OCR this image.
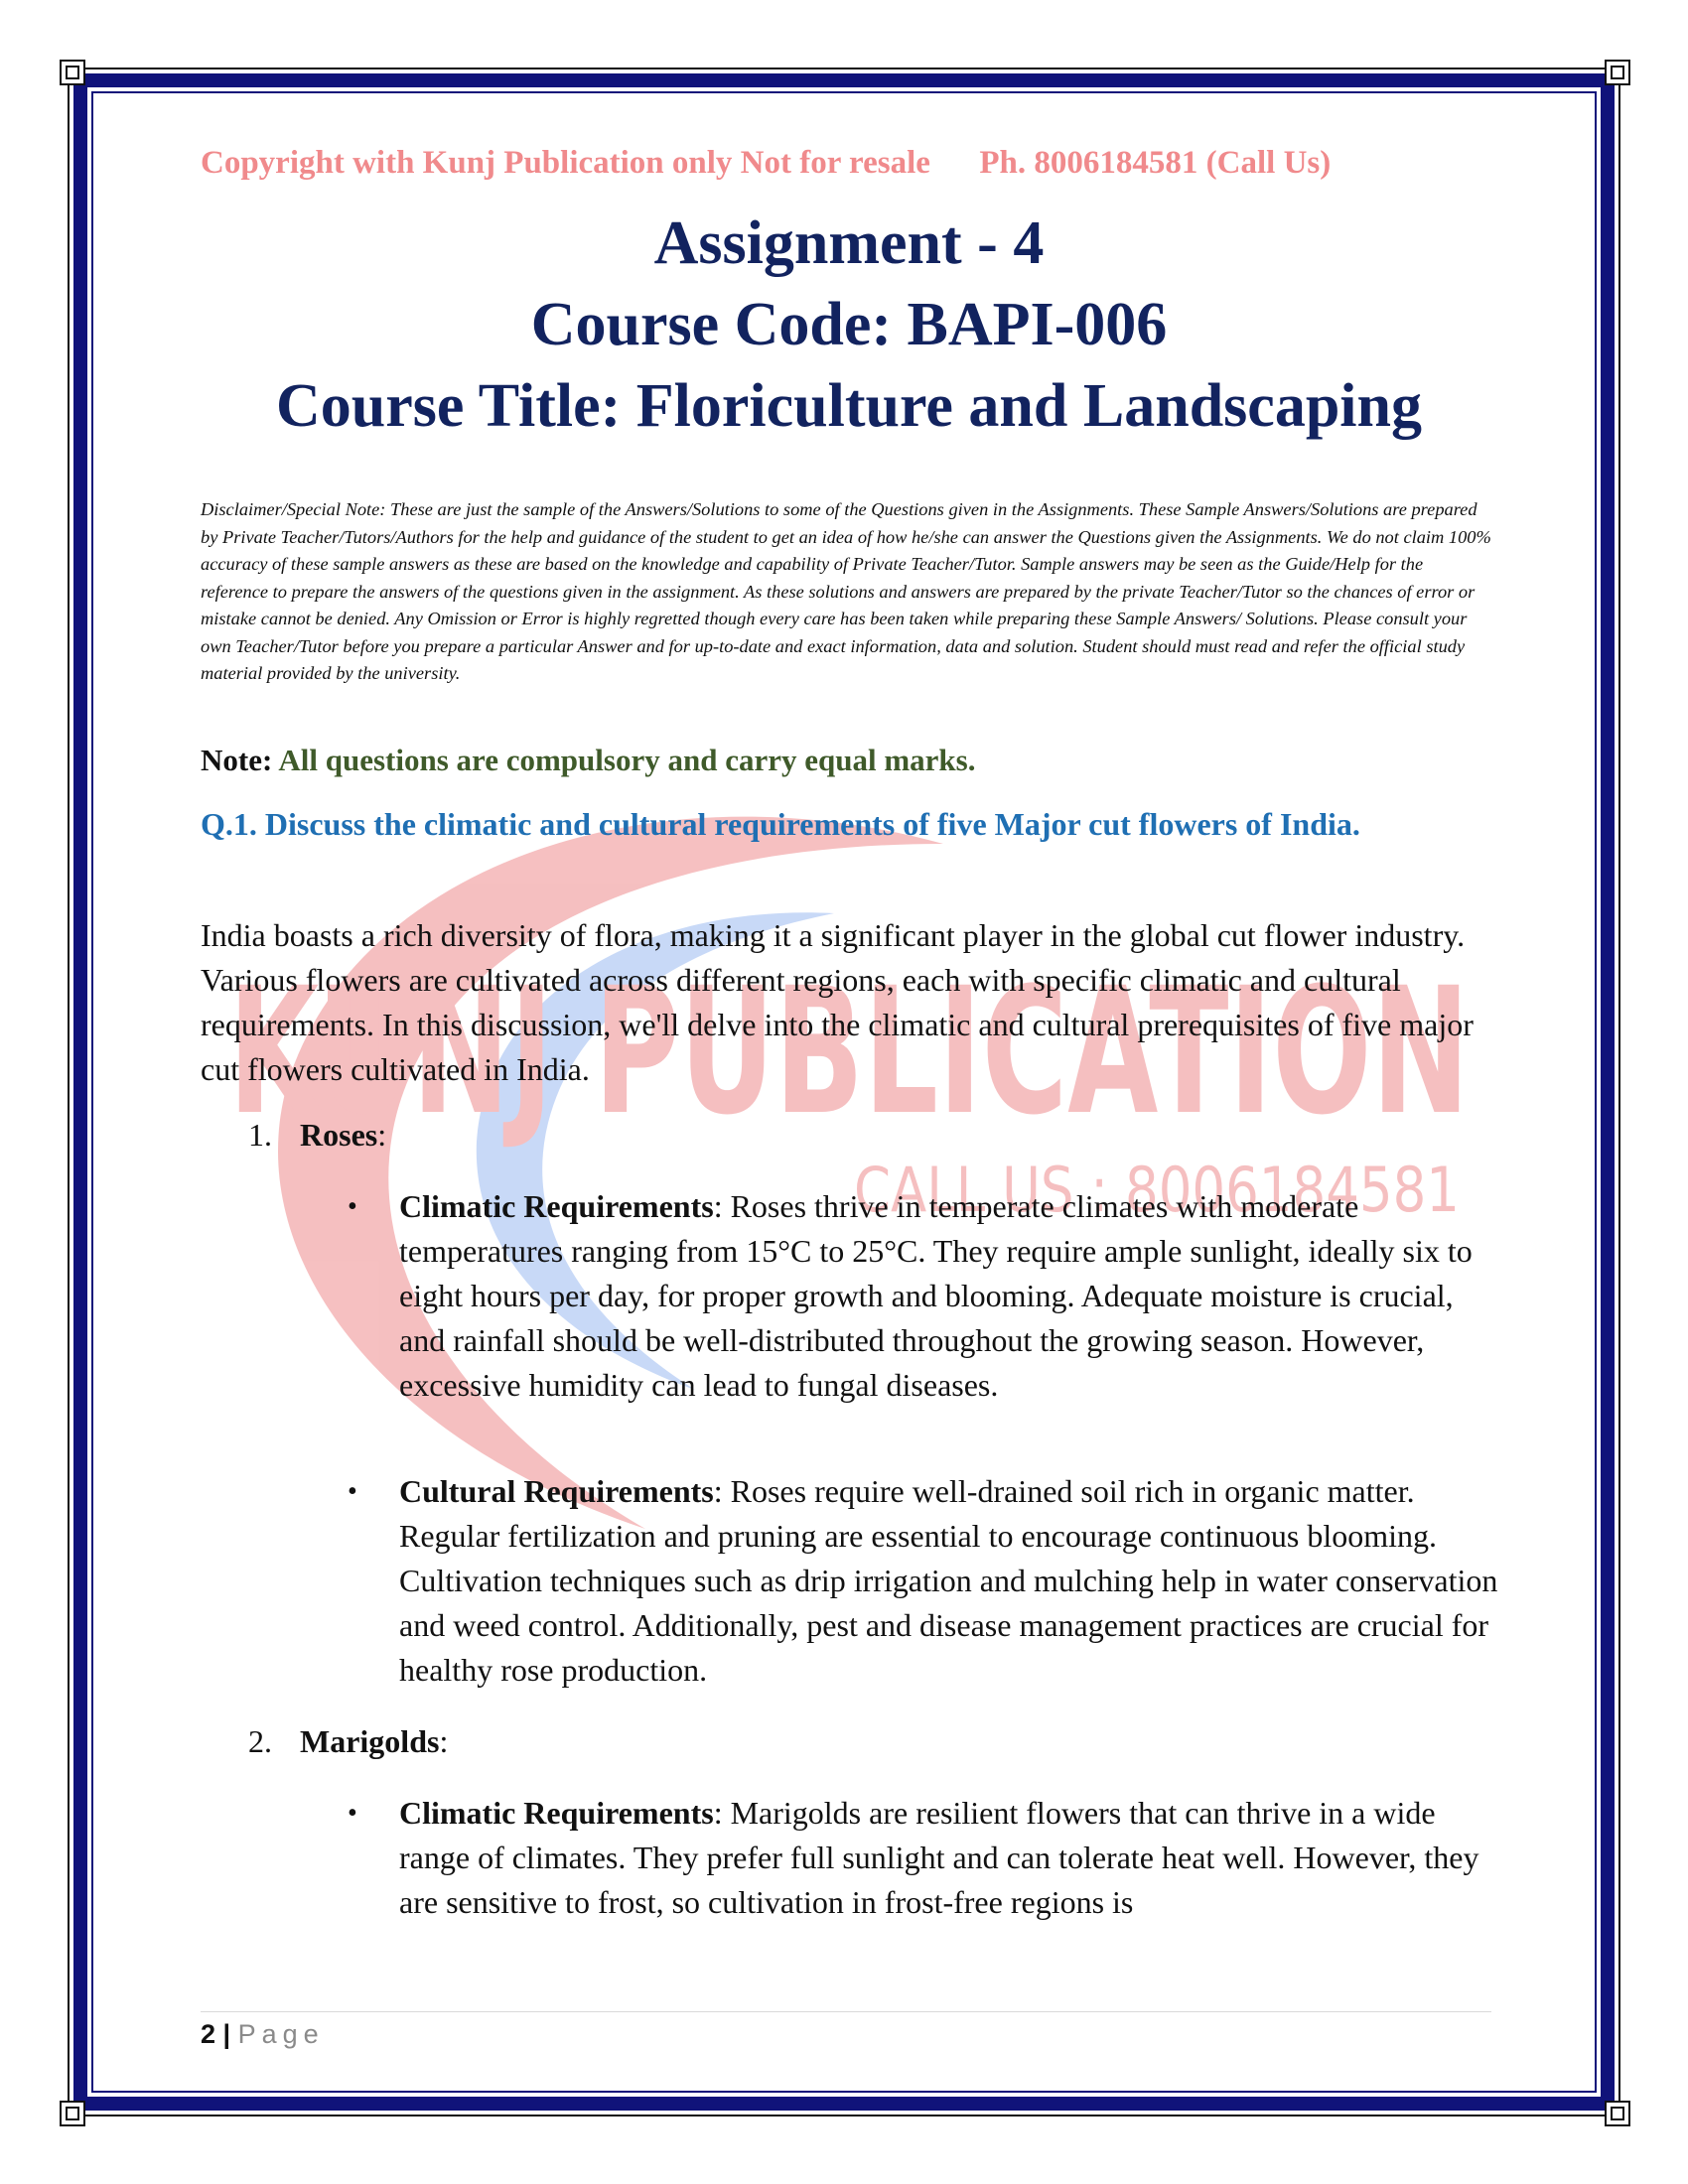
KUNJ PUBLICATION
CALL US : 8006184581
Copyright with Kunj Publication only Not for resale      Ph. 8006184581 (Call Us)
Assignment - 4
Course Code: BAPI-006
Course Title: Floriculture and Landscaping

Disclaimer/Special Note: These are just the sample of the Answers/Solutions to some of the Questions given in the Assignments. These Sample Answers/Solutions are prepared by Private Teacher/Tutors/Authors for the help and guidance of the student to get an idea of how he/she can answer the Questions given the Assignments. We do not claim 100% accuracy of these sample answers as these are based on the knowledge and capability of Private Teacher/Tutor. Sample answers may be seen as the Guide/Help for the reference to prepare the answers of the questions given in the assignment. As these solutions and answers are prepared by the private Teacher/Tutor so the chances of error or mistake cannot be denied. Any Omission or Error is highly regretted though every care has been taken while preparing these Sample Answers/ Solutions. Please consult your own Teacher/Tutor before you prepare a particular Answer and for up-to-date and exact information, data and solution. Student should must read and refer the official study material provided by the university.

Note: All questions are compulsory and carry equal marks.

Q.1. Discuss the climatic and cultural requirements of five Major cut flowers of India.

India boasts a rich diversity of flora, making it a significant player in the global cut flower industry. Various flowers are cultivated across different regions, each with specific climatic and cultural requirements. In this discussion, we'll delve into the climatic and cultural prerequisites of five major cut flowers cultivated in India.

1. Roses:
• Climatic Requirements: Roses thrive in temperate climates with moderate temperatures ranging from 15°C to 25°C. They require ample sunlight, ideally six to eight hours per day, for proper growth and blooming. Adequate moisture is crucial, and rainfall should be well-distributed throughout the growing season. However, excessive humidity can lead to fungal diseases.

• Cultural Requirements: Roses require well-drained soil rich in organic matter. Regular fertilization and pruning are essential to encourage continuous blooming. Cultivation techniques such as drip irrigation and mulching help in water conservation and weed control. Additionally, pest and disease management practices are crucial for healthy rose production.

2. Marigolds:
• Climatic Requirements: Marigolds are resilient flowers that can thrive in a wide range of climates. They prefer full sunlight and can tolerate heat well. However, they are sensitive to frost, so cultivation in frost-free regions is

2 | Page
